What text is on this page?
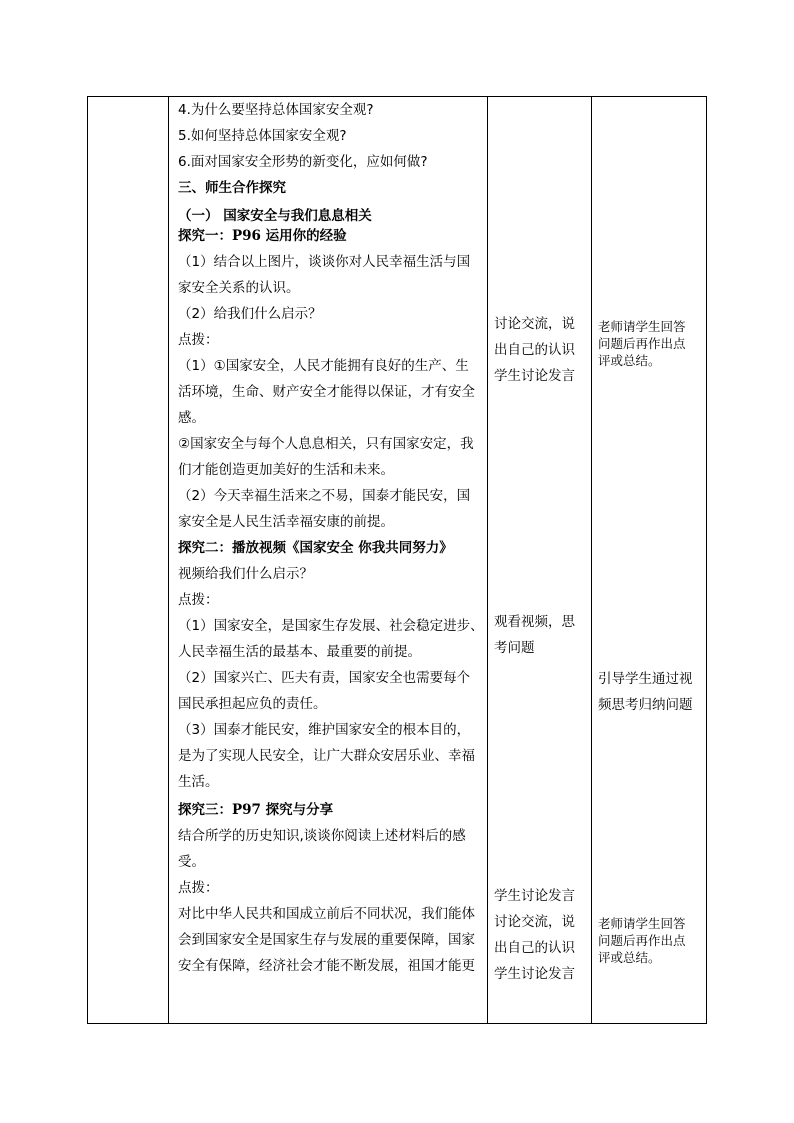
4.为什么要坚持总体国家安全观?
5.如何坚持总体国家安全观?
6.面对国家安全形势的新变化，应如何做?
三、师生合作探究
（一） 国家安全与我们息息相关
探究一：P96 运用你的经验
（1）结合以上图片，谈谈你对人民幸福生活与国
家安全关系的认识。
（2）给我们什么启示？
点拨：
（1）①国家安全，人民才能拥有良好的生产、生
活环境，生命、财产安全才能得以保证，才有安全
感。
②国家安全与每个人息息相关，只有国家安定，我
们才能创造更加美好的生活和未来。
（2）今天幸福生活来之不易，国泰才能民安，国
家安全是人民生活幸福安康的前提。
探究二：播放视频《国家安全 你我共同努力》
视频给我们什么启示？
点拨：
（1）国家安全，是国家生存发展、社会稳定进步、
人民幸福生活的最基本、最重要的前提。
（2）国家兴亡、匹夫有责，国家安全也需要每个
国民承担起应负的责任。
（3）国泰才能民安，维护国家安全的根本目的，
是为了实现人民安全，让广大群众安居乐业、幸福
生活。
探究三：P97 探究与分享
结合所学的历史知识,谈谈你阅读上述材料后的感
受。
点拨：
对比中华人民共和国成立前后不同状况，我们能体
会到国家安全是国家生存与发展的重要保障，国家
安全有保障，经济社会才能不断发展，祖国才能更
讨论交流，说
出自己的认识
学生讨论发言
观看视频，思
考问题
学生讨论发言
讨论交流，说
出自己的认识
学生讨论发言
老师请学生回答
问题后再作出点
评或总结。
引导学生通过视
频思考归纳问题
老师请学生回答
问题后再作出点
评或总结。
